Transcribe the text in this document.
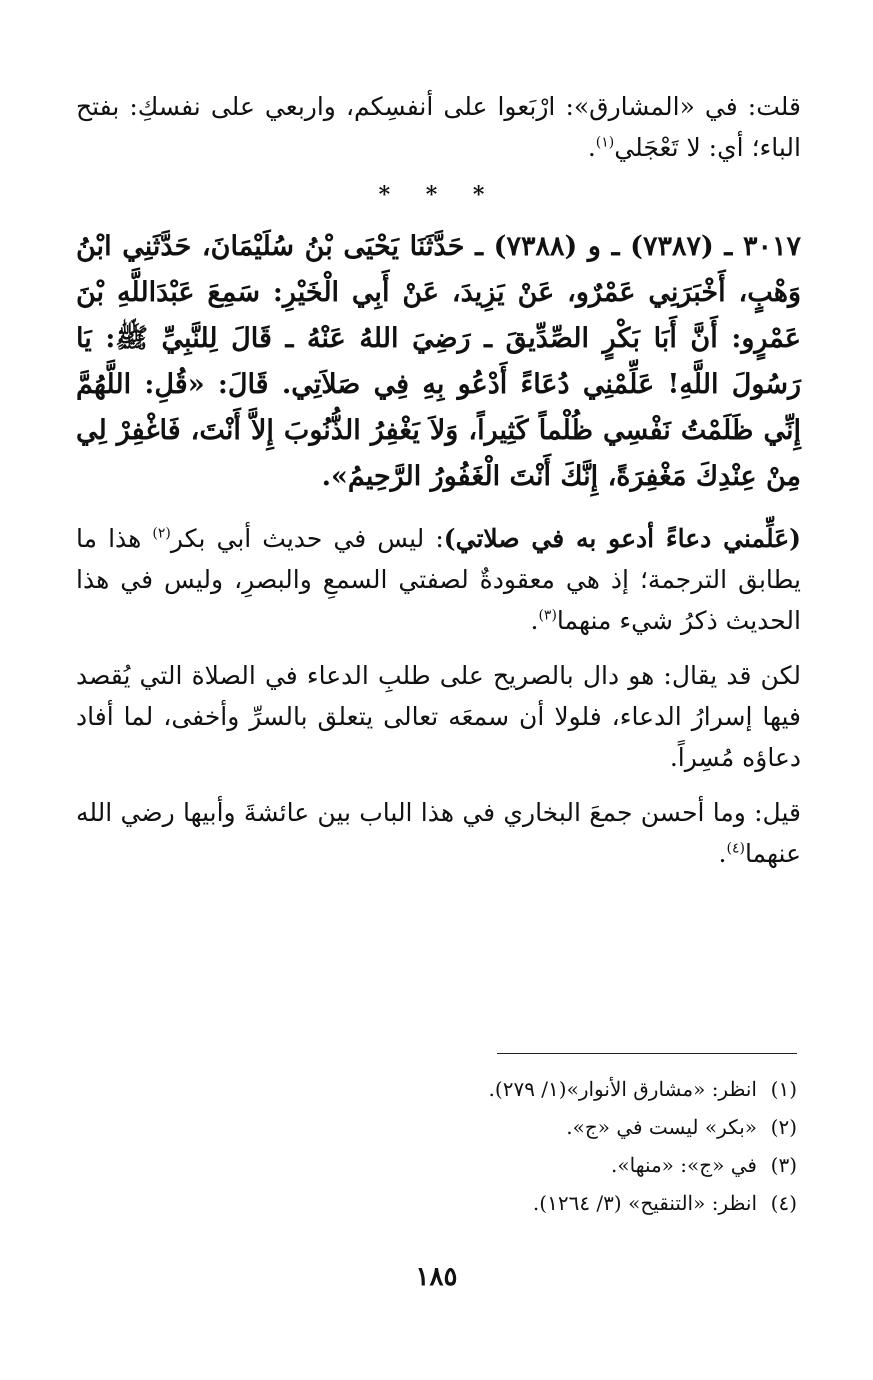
قلت: في «المشارق»: ارْبَعوا على أنفسِكم، واربعي على نفسكِ: بفتح الباء؛ أي: لا تَعْجَلي$^{(١)}$.

* * *

٣٠١٧ ـ (٧٣٨٧) ـ و (٧٣٨٨) ـ حَدَّثَنَا يَحْيَى بْنُ سُلَيْمَانَ، حَدَّثَنِي ابْنُ وَهْبٍ، أَخْبَرَنِي عَمْرٌو، عَنْ يَزِيدَ، عَنْ أَبِي الْخَيْرِ: سَمِعَ عَبْدَاللَّهِ بْنَ عَمْرٍو: أَنَّ أَبَا بَكْرٍ الصِّدِّيقَ ـ رَضِيَ اللهُ عَنْهُ ـ قَالَ لِلنَّبِيِّ ﷺ: يَا رَسُولَ اللَّهِ! عَلِّمْنِي دُعَاءً أَدْعُو بِهِ فِي صَلاَتِي. قَالَ: «قُلِ: اللَّهُمَّ إِنِّي ظَلَمْتُ نَفْسِي ظُلْماً كَثِيراً، وَلاَ يَغْفِرُ الذُّنُوبَ إِلاَّ أَنْتَ، فَاغْفِرْ لِي مِنْ عِنْدِكَ مَغْفِرَةً، إِنَّكَ أَنْتَ الْغَفُورُ الرَّحِيمُ».

(عَلِّمني دعاءً أدعو به في صلاتي): ليس في حديث أبي بكر$^{(٢)}$ هذا ما يطابق الترجمة؛ إذ هي معقودةٌ لصفتي السمعِ والبصرِ، وليس في هذا الحديث ذكرُ شيء منهما$^{(٣)}$.

لكن قد يقال: هو دال بالصريح على طلبِ الدعاء في الصلاة التي يُقصد فيها إسرارُ الدعاء، فلولا أن سمعَه تعالى يتعلق بالسرِّ وأخفى، لما أفاد دعاؤه مُسِراً.

قيل: وما أحسن جمعَ البخاري في هذا الباب بين عائشةَ وأبيها رضي الله عنهما$^{(٤)}$.

(١)انظر: «مشارق الأنوار»(١/ ٢٧٩).

(٢)«بكر» ليست في «ج».

(٣)في «ج»: «منها».

(٤)انظر: «التنقيح» (٣/ ١٢٦٤).

١٨٥
